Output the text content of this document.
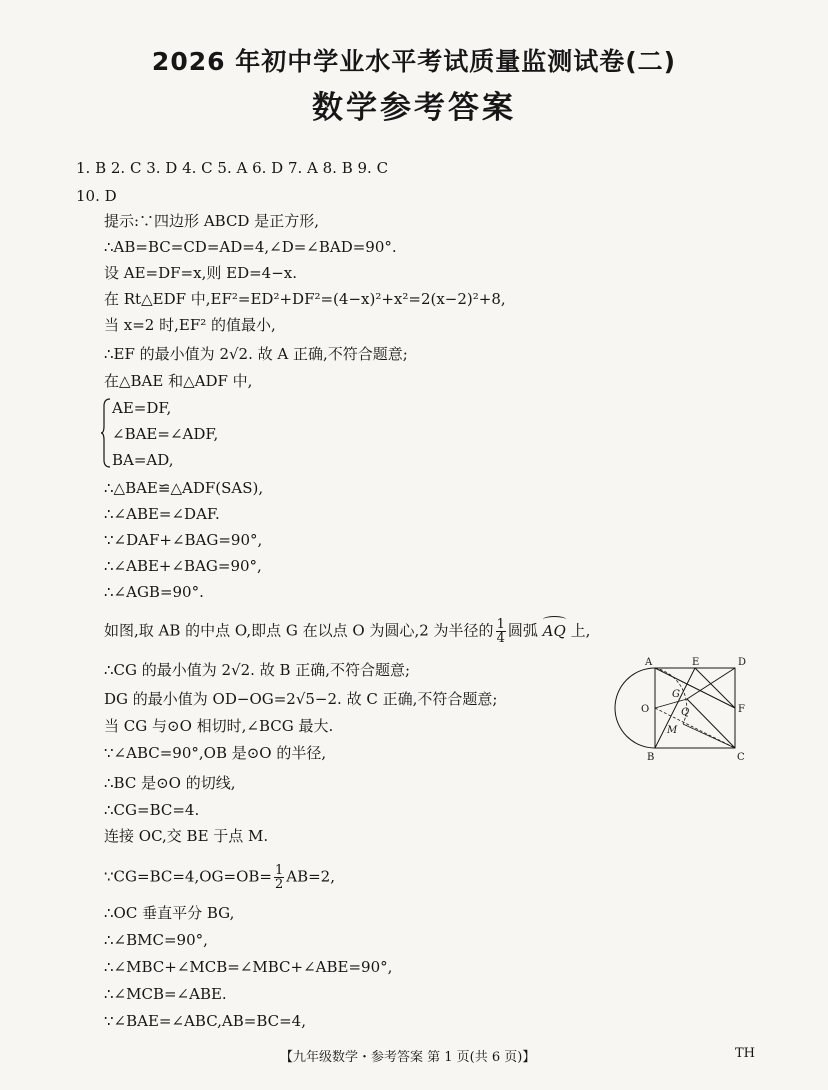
2026 年初中学业水平考试质量监测试卷(二)
数学参考答案
1. B 2. C 3. D 4. C 5. A 6. D 7. A 8. B 9. C
10. D
提示:∵四边形 ABCD 是正方形,
∴AB=BC=CD=AD=4,∠D=∠BAD=90°.
设 AE=DF=x,则 ED=4−x.
在 Rt△EDF 中,EF²=ED²+DF²=(4−x)²+x²=2(x−2)²+8,
当 x=2 时,EF² 的值最小,
∴EF 的最小值为 2√2. 故 A 正确,不符合题意;
在△BAE 和△ADF 中,
AE=DF,
∠BAE=∠ADF,
BA=AD,
∴△BAE≌△ADF(SAS),
∴∠ABE=∠DAF.
∵∠DAF+∠BAG=90°,
∴∠ABE+∠BAG=90°,
∴∠AGB=90°.
如图,取 AB 的中点 O,即点 G 在以点 O 为圆心,2 为半径的 $\frac{1}{4}$ 圆弧 AQ 上,
∴CG 的最小值为 2√2. 故 B 正确,不符合题意;
DG 的最小值为 OD−OG=2√5−2. 故 C 正确,不符合题意;
当 CG 与⊙O 相切时,∠BCG 最大.
∵∠ABC=90°,OB 是⊙O 的半径,
∴BC 是⊙O 的切线,
∴CG=BC=4.
连接 OC,交 BE 于点 M.
∵CG=BC=4,OG=OB= $\frac{1}{2} AB=2$,
∴OC 垂直平分 BG,
∴∠BMC=90°,
∴∠MBC+∠MCB=∠MBC+∠ABE=90°,
∴∠MCB=∠ABE.
∵∠BAE=∠ABC,AB=BC=4,
A	E	D
O
G
Q	F
M
B	C
【九年级数学・参考答案 第 1 页(共 6 页)】	TH
